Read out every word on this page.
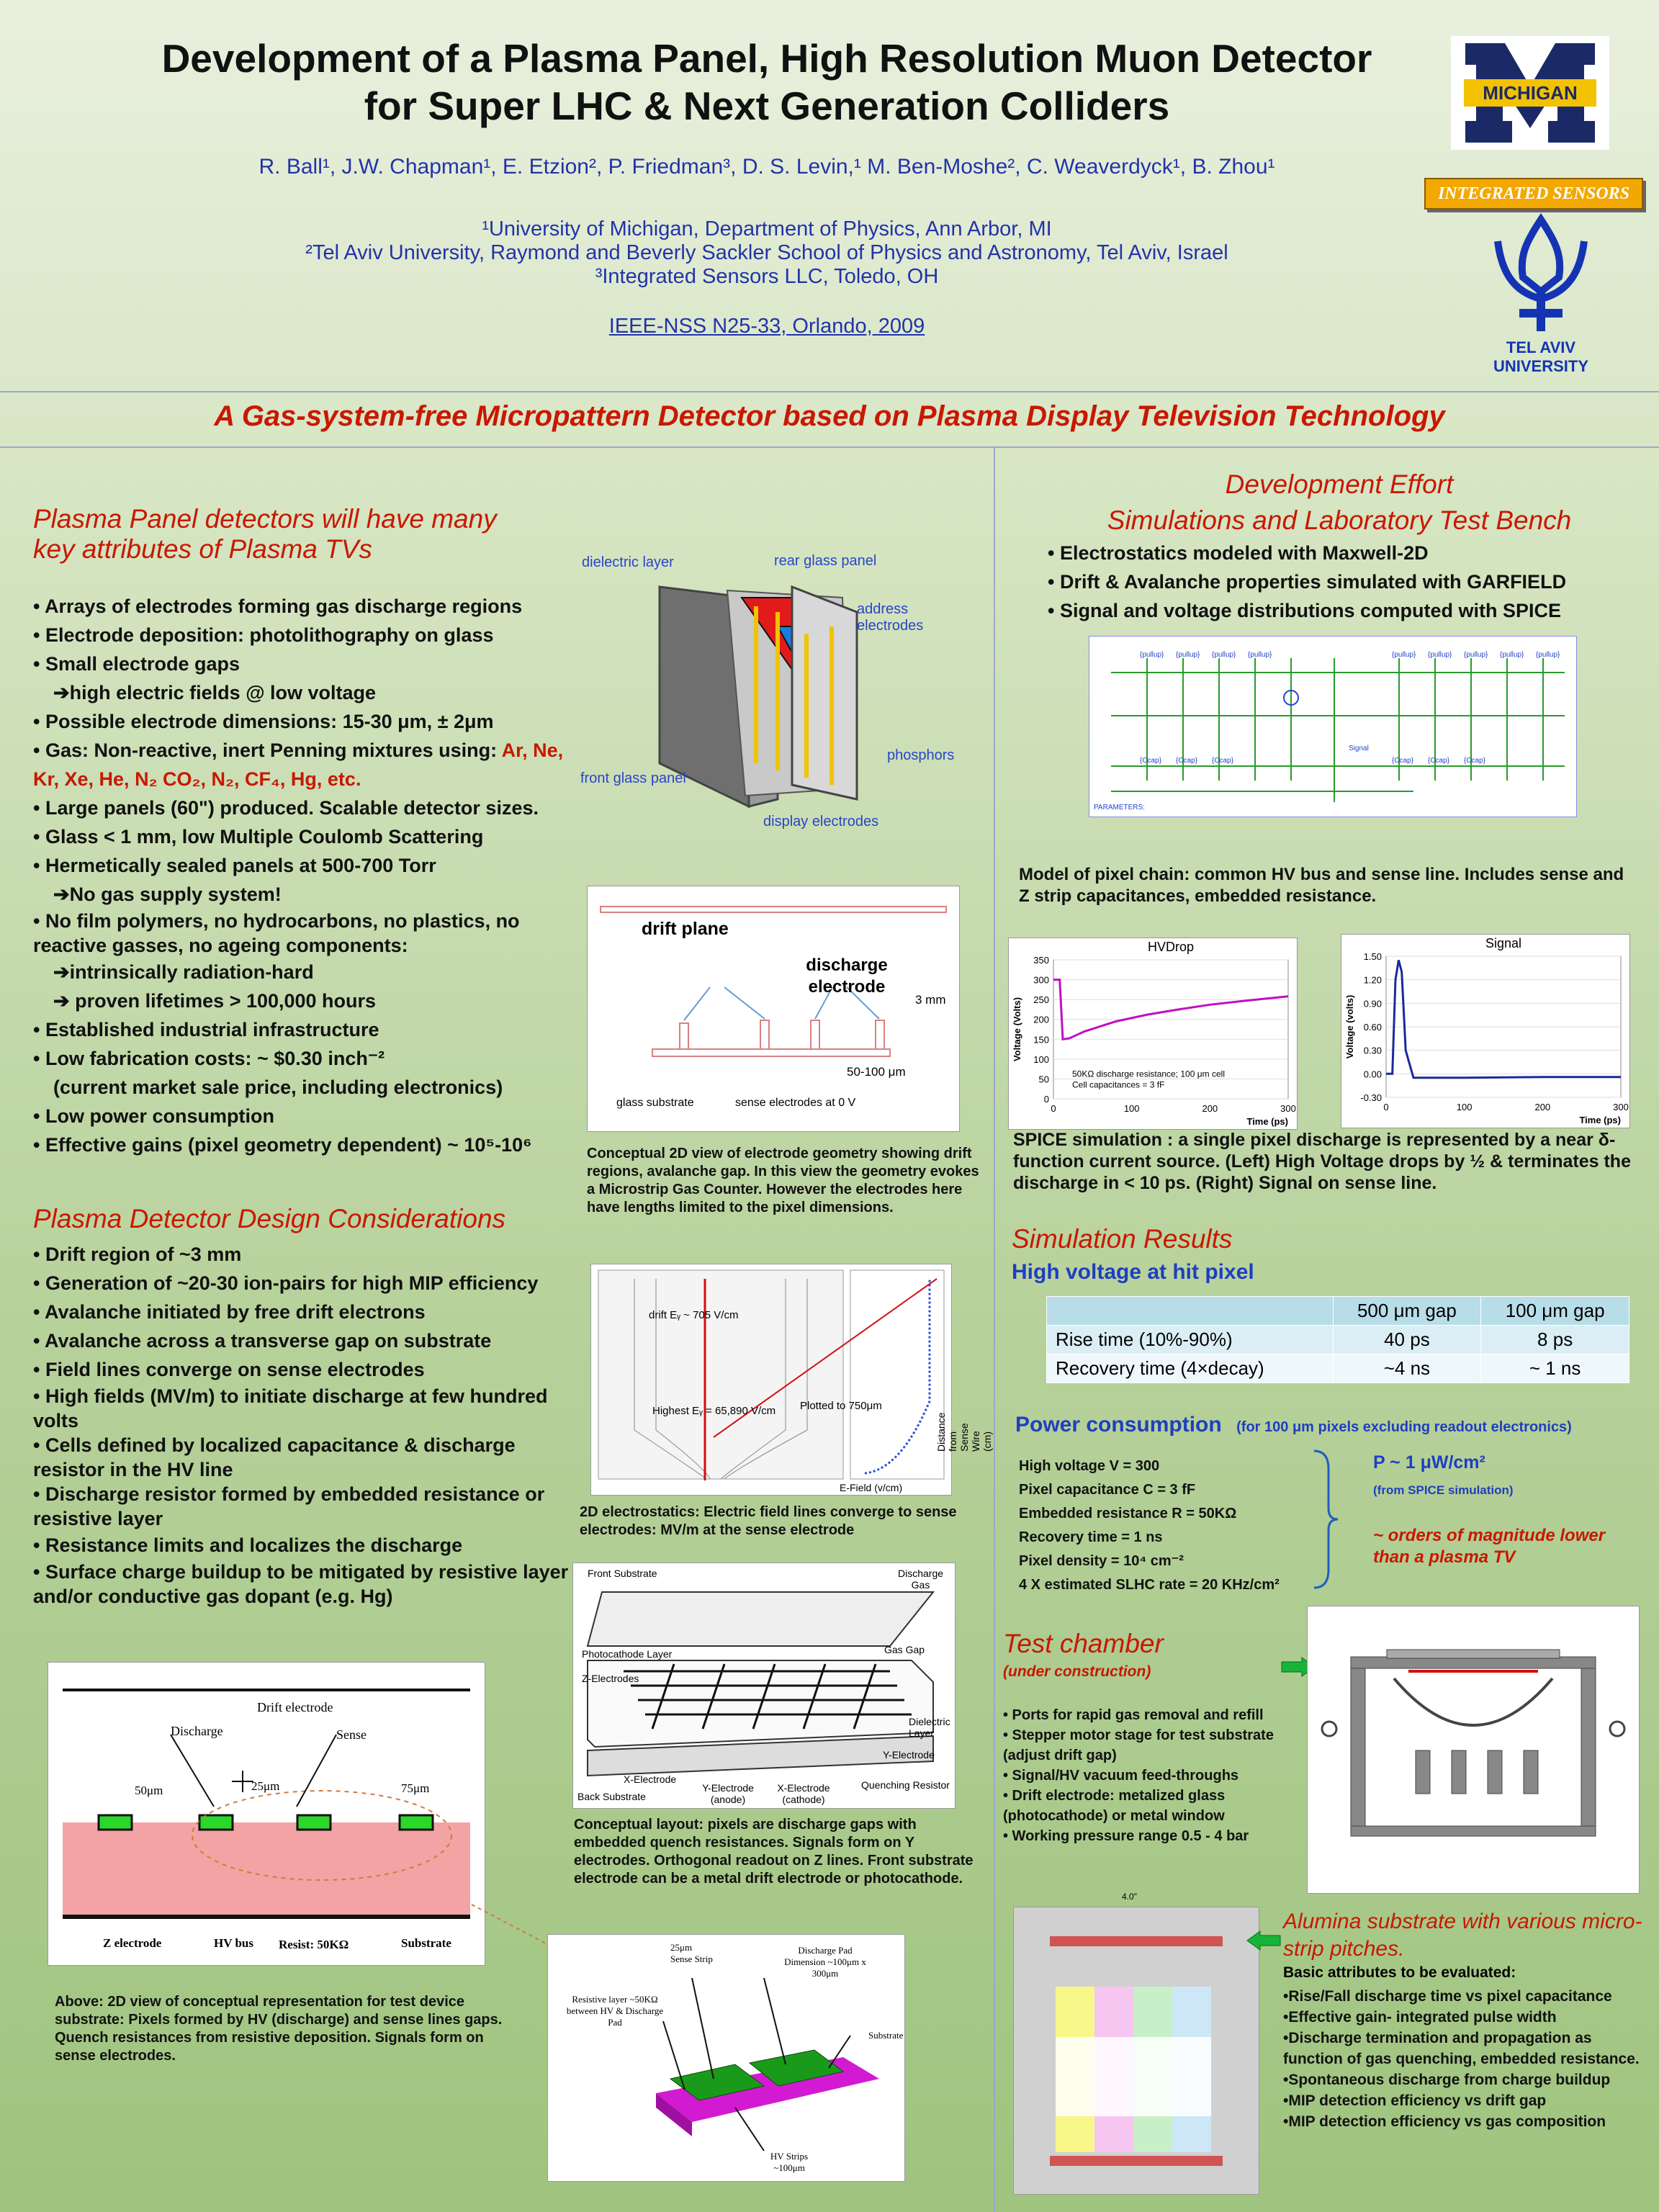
Development of a Plasma Panel, High Resolution Muon Detector
for Super LHC & Next Generation Colliders
R. Ball¹, J.W. Chapman¹, E. Etzion², P. Friedman³, D. S. Levin,¹ M. Ben-Moshe², C. Weaverdyck¹, B. Zhou¹
¹University of Michigan, Department of Physics, Ann Arbor, MI
²Tel Aviv University, Raymond and Beverly Sackler School of Physics and Astronomy, Tel Aviv, Israel
³Integrated Sensors LLC, Toledo, OH
IEEE-NSS N25-33, Orlando, 2009
MICHIGAN
INTEGRATED SENSORS
TEL AVIV
UNIVERSITY
A Gas-system-free Micropattern Detector based on Plasma Display Television Technology
Plasma Panel detectors will have many
key attributes of Plasma TVs
• Arrays of electrodes forming gas discharge regions
• Electrode deposition: photolithography on glass
• Small electrode gaps
➔high electric fields @ low voltage
• Possible electrode dimensions: 15-30 μm, ± 2μm
• Gas: Non-reactive, inert Penning mixtures using: Ar, Ne, Kr, Xe, He, N₂ CO₂, N₂, CF₄, Hg, etc.
• Large panels (60") produced. Scalable detector sizes.
• Glass < 1 mm, low Multiple Coulomb Scattering
• Hermetically sealed panels at 500-700 Torr
➔No gas supply system!
• No film polymers, no hydrocarbons, no plastics, no reactive gasses, no ageing components:
➔intrinsically radiation-hard
➔ proven lifetimes > 100,000 hours
• Established industrial infrastructure
• Low fabrication costs: ~ $0.30 inch⁻²
(current market sale price, including electronics)
• Low power consumption
• Effective gains (pixel geometry dependent) ~ 10⁵-10⁶
Plasma Detector Design Considerations
• Drift region of ~3 mm
• Generation of ~20-30 ion-pairs for high MIP efficiency
• Avalanche initiated by free drift electrons
• Avalanche across a transverse gap on substrate
• Field lines converge on sense electrodes
• High fields (MV/m) to initiate discharge at few hundred volts
• Cells defined by localized capacitance & discharge resistor in the HV line
• Discharge resistor formed by embedded resistance or resistive layer
• Resistance limits and localizes the discharge
• Surface charge buildup to be mitigated by resistive layer and/or conductive gas dopant (e.g. Hg)
Drift electrode
Discharge	Sense
50μm	25μm	75μm
Z electrode	HV bus Resist: 50KΩ	Substrate
Above: 2D view of conceptual representation for test device substrate: Pixels formed by HV (discharge) and sense lines gaps. Quench resistances from resistive deposition. Signals form on sense electrodes.
dielectric layer	rear glass panel
address electrodes
phosphors
front glass panel
display electrodes
drift plane
discharge electrode
3 mm
50-100 μm
glass substrate	sense electrodes at 0 V
Conceptual 2D view of electrode geometry showing drift regions, avalanche gap. In this view the geometry evokes a Microstrip Gas Counter. However the electrodes here have lengths limited to the pixel dimensions.
drift Eᵧ ~ 705 V/cm
Highest Eᵧ = 65,890 V/cm Plotted to 750μm
E-Field (v/cm)
Distance from Sense Wire (cm)
2D electrostatics: Electric field lines converge to sense electrodes: MV/m at the sense electrode
Front Substrate	Discharge Gas
Gas Gap
Photocathode Layer
Z-Electrodes
Dielectric Layer
Y-Electrode
X-Electrode
Back Substrate
Y-Electrode (anode)
X-Electrode (cathode)
Quenching Resistor
Conceptual layout: pixels are discharge gaps with embedded quench resistances. Signals form on Y electrodes. Orthogonal readout on Z lines. Front substrate electrode can be a metal drift electrode or photocathode.
25μm Sense Strip
Discharge Pad Dimension ~100μm x 300μm
Resistive layer ~50KΩ between HV & Discharge Pad
Substrate
HV Strips ~100μm
Development Effort
Simulations and Laboratory Test Bench
• Electrostatics modeled with Maxwell-2D
• Drift & Avalanche properties simulated with GARFIELD
• Signal and voltage distributions computed with SPICE
{pullup} {pullup} {pullup} {pullup}	{pullup} {pullup} {pullup} {pullup} {pullup}
{Ccap} {Ccap} {Ccap}	{Ccap} {Ccap} {Ccap}
PARAMETERS:
Signal
Model of pixel chain: common HV bus and sense line. Includes sense and Z strip capacitances, embedded resistance.
HVDrop
0
50
100
150
200
250
300
350
0	100	200	300
Time (ps)
Voltage (Volts)
50KΩ discharge resistance; 100 μm cell
Cell capacitances = 3 fF
Signal
-0.30
0.00
0.30
0.60
0.90
1.20
1.50
0	100	200	300
Time (ps)
Voltage (volts)
SPICE simulation : a single pixel discharge is represented by a near δ-function current source. (Left) High Voltage drops by ½ & terminates the discharge in < 10 ps. (Right) Signal on sense line.
Simulation Results
High voltage at hit pixel
	500 μm gap	100 μm gap
Rise time (10%-90%)	40 ps	8 ps
Recovery time (4×decay)	~4 ns	~ 1 ns
Power consumption (for 100 μm pixels excluding readout electronics)
High voltage V = 300
Pixel capacitance C = 3 fF
Embedded resistance R = 50KΩ
Recovery time = 1 ns
Pixel density = 10⁴ cm⁻²
4 X estimated SLHC rate = 20 KHz/cm²
P ~ 1 μW/cm²
(from SPICE simulation)
~ orders of magnitude lower than a plasma TV
Test chamber
(under construction)
• Ports for rapid gas removal and refill
• Stepper motor stage for test substrate (adjust drift gap)
• Signal/HV vacuum feed-throughs
• Drift electrode: metalized glass (photocathode) or metal window
• Working pressure range 0.5 - 4 bar
4.0"
Alumina substrate with various micro-strip pitches.
Basic attributes to be evaluated:
•Rise/Fall discharge time vs pixel capacitance
•Effective gain- integrated pulse width
•Discharge termination and propagation as function of gas quenching, embedded resistance.
•Spontaneous discharge from charge buildup
•MIP detection efficiency vs drift gap
•MIP detection efficiency vs gas composition
